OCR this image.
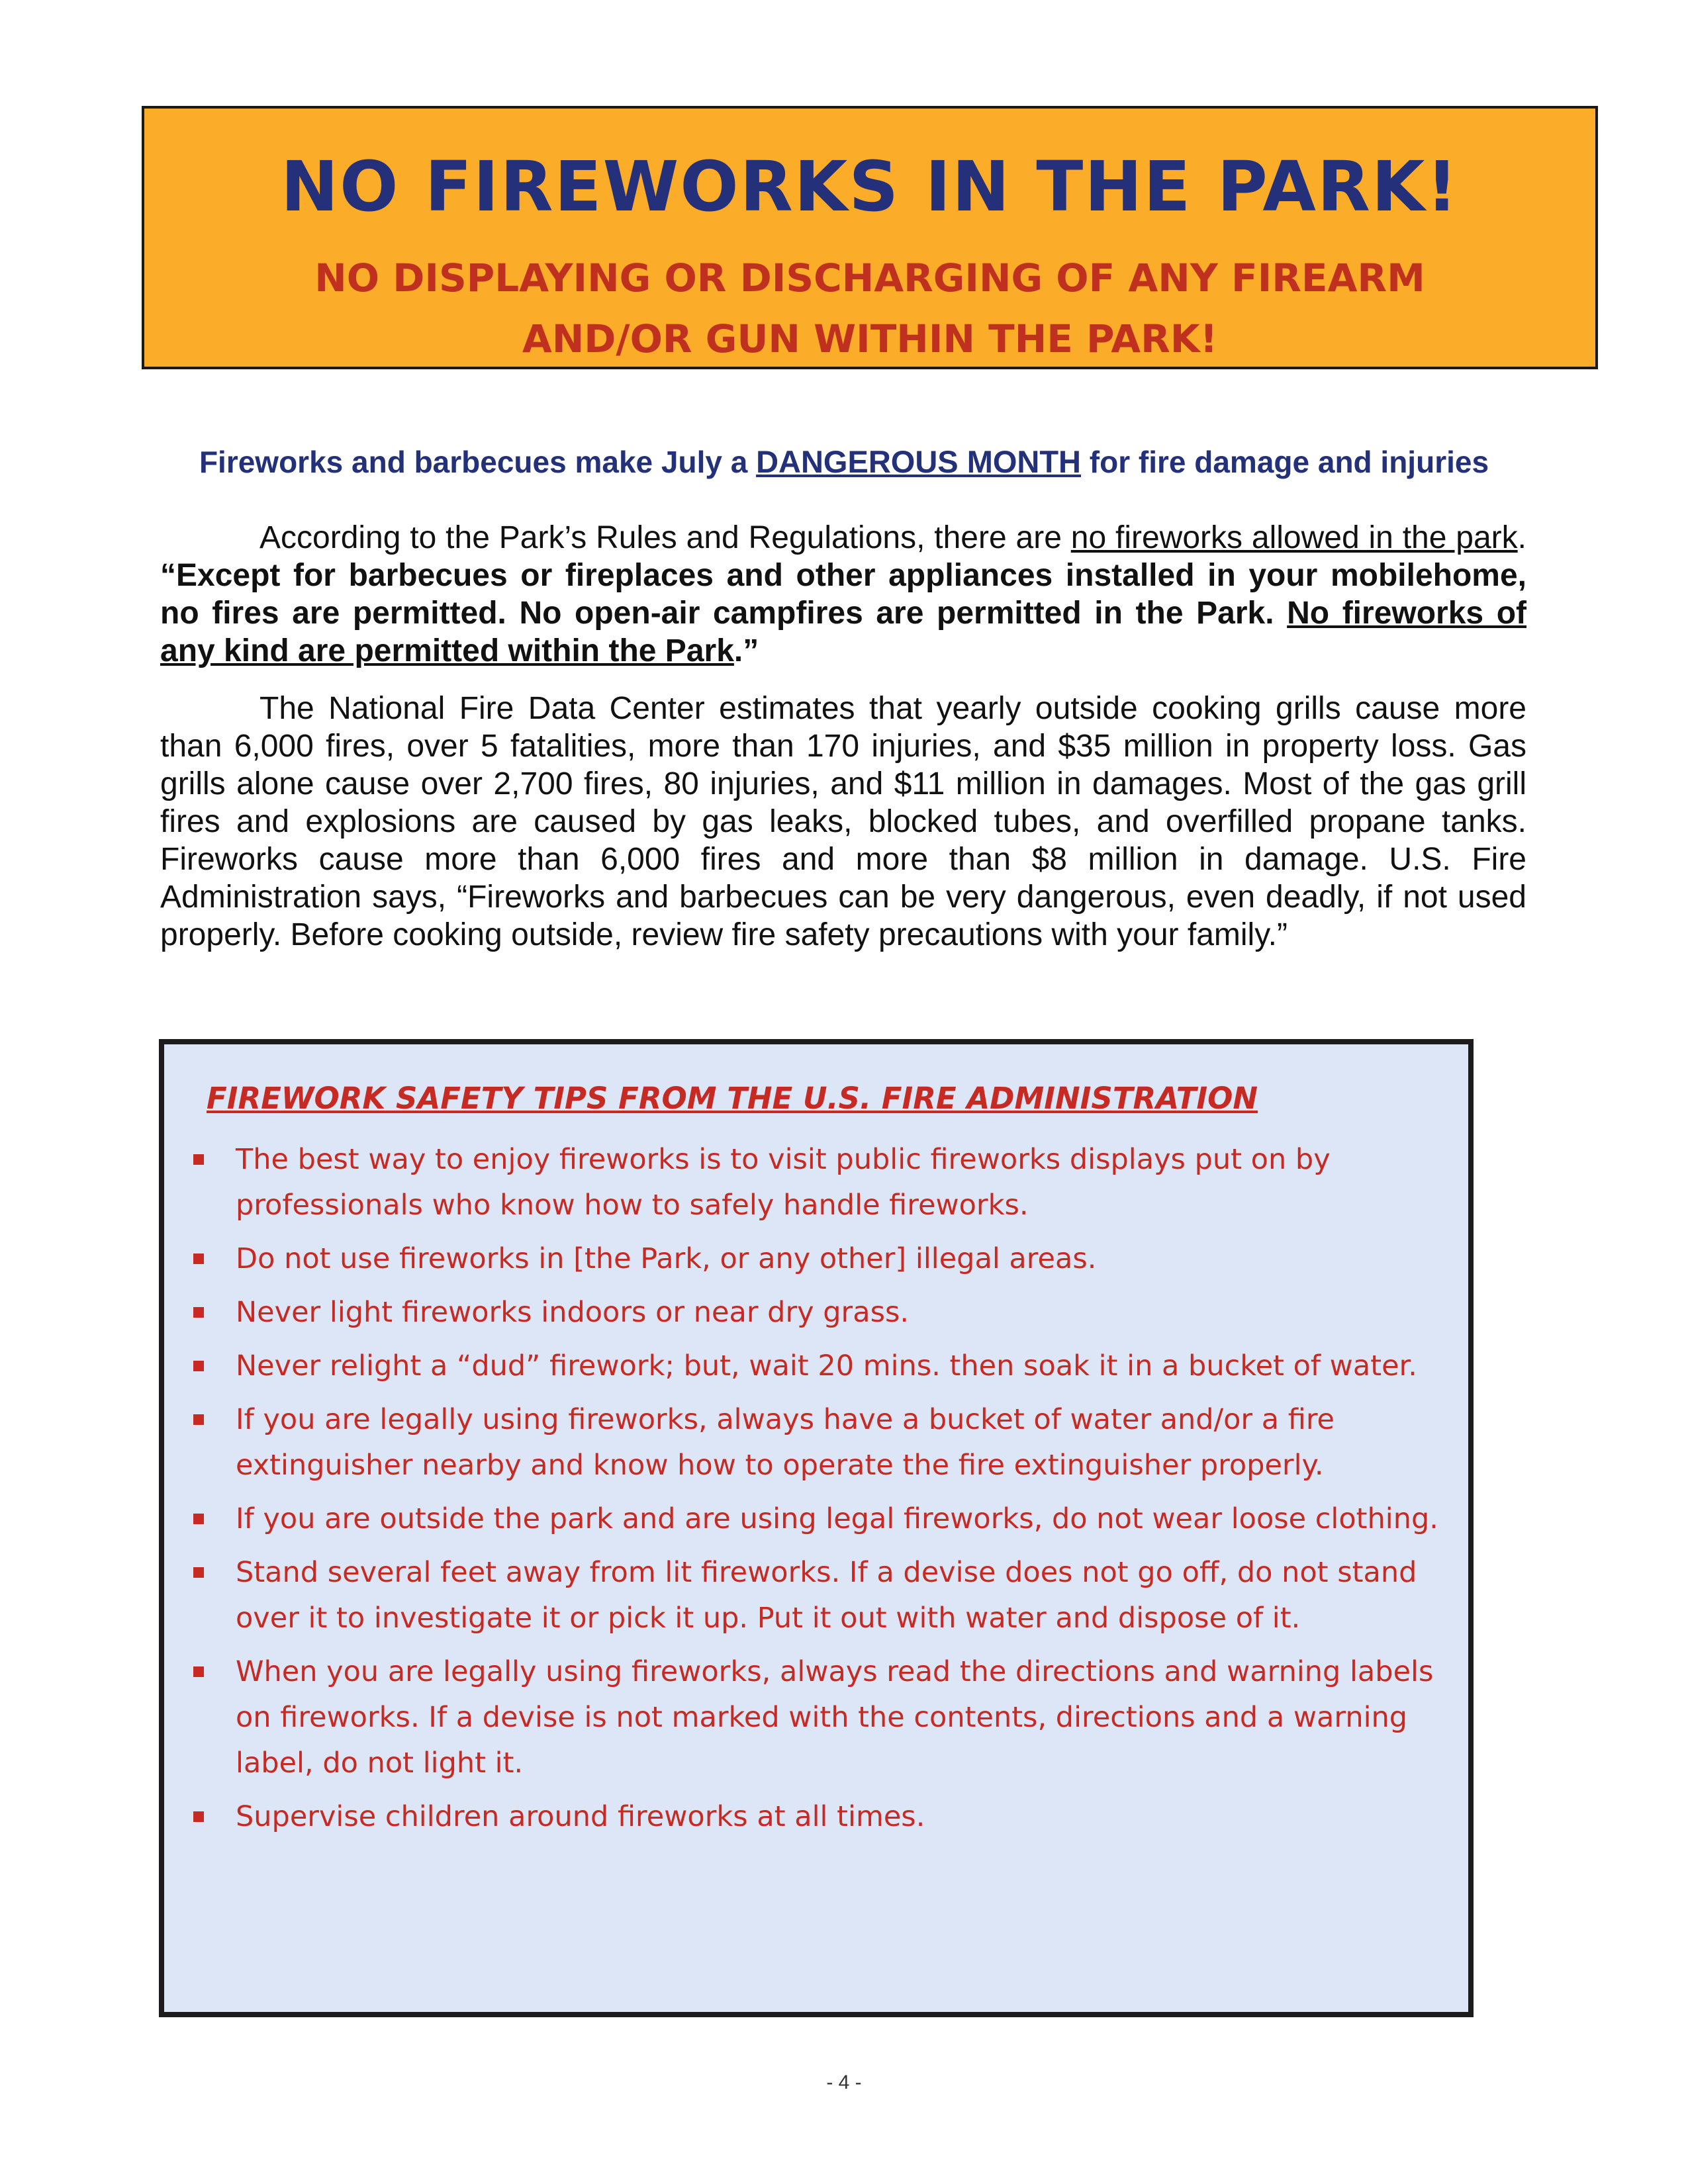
NO FIREWORKS IN THE PARK!
NO DISPLAYING OR DISCHARGING OF ANY FIREARM
AND/OR GUN WITHIN THE PARK!
Fireworks and barbecues make July a DANGEROUS MONTH for fire damage and injuries

According to the Park’s Rules and Regulations, there are no fireworks allowed in the park. “Except for barbecues or fireplaces and other appliances installed in your mobilehome, no fires are permitted. No open-air campfires are permitted in the Park. No fireworks of any kind are permitted within the Park.”

The National Fire Data Center estimates that yearly outside cooking grills cause more than 6,000 fires, over 5 fatalities, more than 170 injuries, and $35 million in property loss. Gas grills alone cause over 2,700 fires, 80 injuries, and $11 million in damages. Most of the gas grill fires and explosions are caused by gas leaks, blocked tubes, and overfilled propane tanks. Fireworks cause more than 6,000 fires and more than $8 million in damage. U.S. Fire Administration says, “Fireworks and barbecues can be very dangerous, even deadly, if not used properly. Before cooking outside, review fire safety precautions with your family.”

FIREWORK SAFETY TIPS FROM THE U.S. FIRE ADMINISTRATION
The best way to enjoy fireworks is to visit public fireworks displays put on by professionals who know how to safely handle fireworks.
Do not use fireworks in [the Park, or any other] illegal areas.
Never light fireworks indoors or near dry grass.
Never relight a “dud” firework; but, wait 20 mins. then soak it in a bucket of water.
If you are legally using fireworks, always have a bucket of water and/or a fire extinguisher nearby and know how to operate the fire extinguisher properly.
If you are outside the park and are using legal fireworks, do not wear loose clothing.
Stand several feet away from lit fireworks. If a devise does not go off, do not stand over it to investigate it or pick it up. Put it out with water and dispose of it.
When you are legally using fireworks, always read the directions and warning labels on fireworks. If a devise is not marked with the contents, directions and a warning label, do not light it.
Supervise children around fireworks at all times.
- 4 -
